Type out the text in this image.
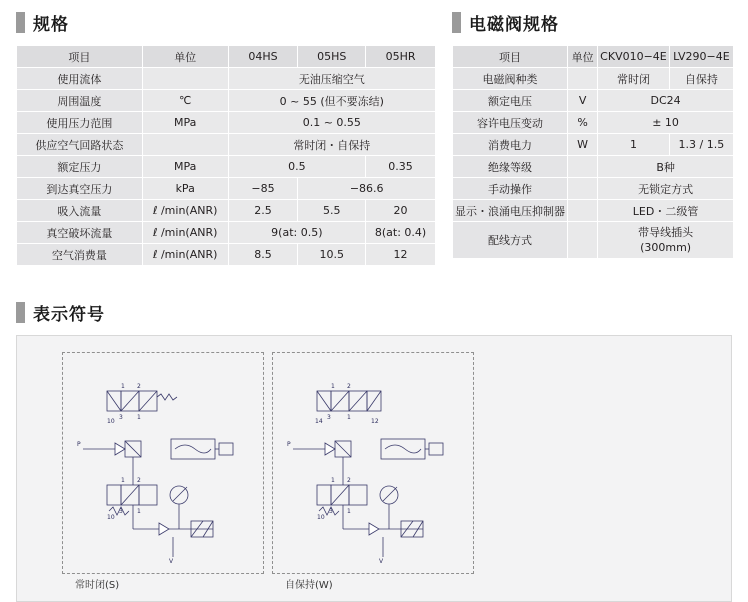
规格
项目	单位	04HS	05HS	05HR
使用流体		无油压缩空气		
周围温度	℃	0 ~ 55 (但不要冻结)		
使用压力范围	MPa	0.1 ~ 0.55		
供应空气回路状态		常时闭・自保持		
额定压力	MPa	0.5		0.35
到达真空压力	kPa	−85	−86.6	
吸入流量	ℓ /min(ANR)	2.5	5.5	20
真空破坏流量	ℓ /min(ANR)	9(at: 0.5)		8(at: 0.4)
空气消费量	ℓ /min(ANR)	8.5	10.5	12
电磁阀规格
项目	单位	CKV010−4E	LV290−4E
电磁阀种类		常时闭	自保持
额定电压	V	DC24	
容许电压变动	%	± 10	
消费电力	W	1	1.3 / 1.5
绝缘等级		B种	
手动操作		无锁定方式	
显示・浪涌电压抑制器		LED・二级管	
配线方式		带导线插头
(300mm)	
表示符号
P
V
1 2
3 1
10
1 2
3 1
10
常时闭(S)
P
V
1 2
3	1
14	12
1 2
3 1
10
自保持(W)
